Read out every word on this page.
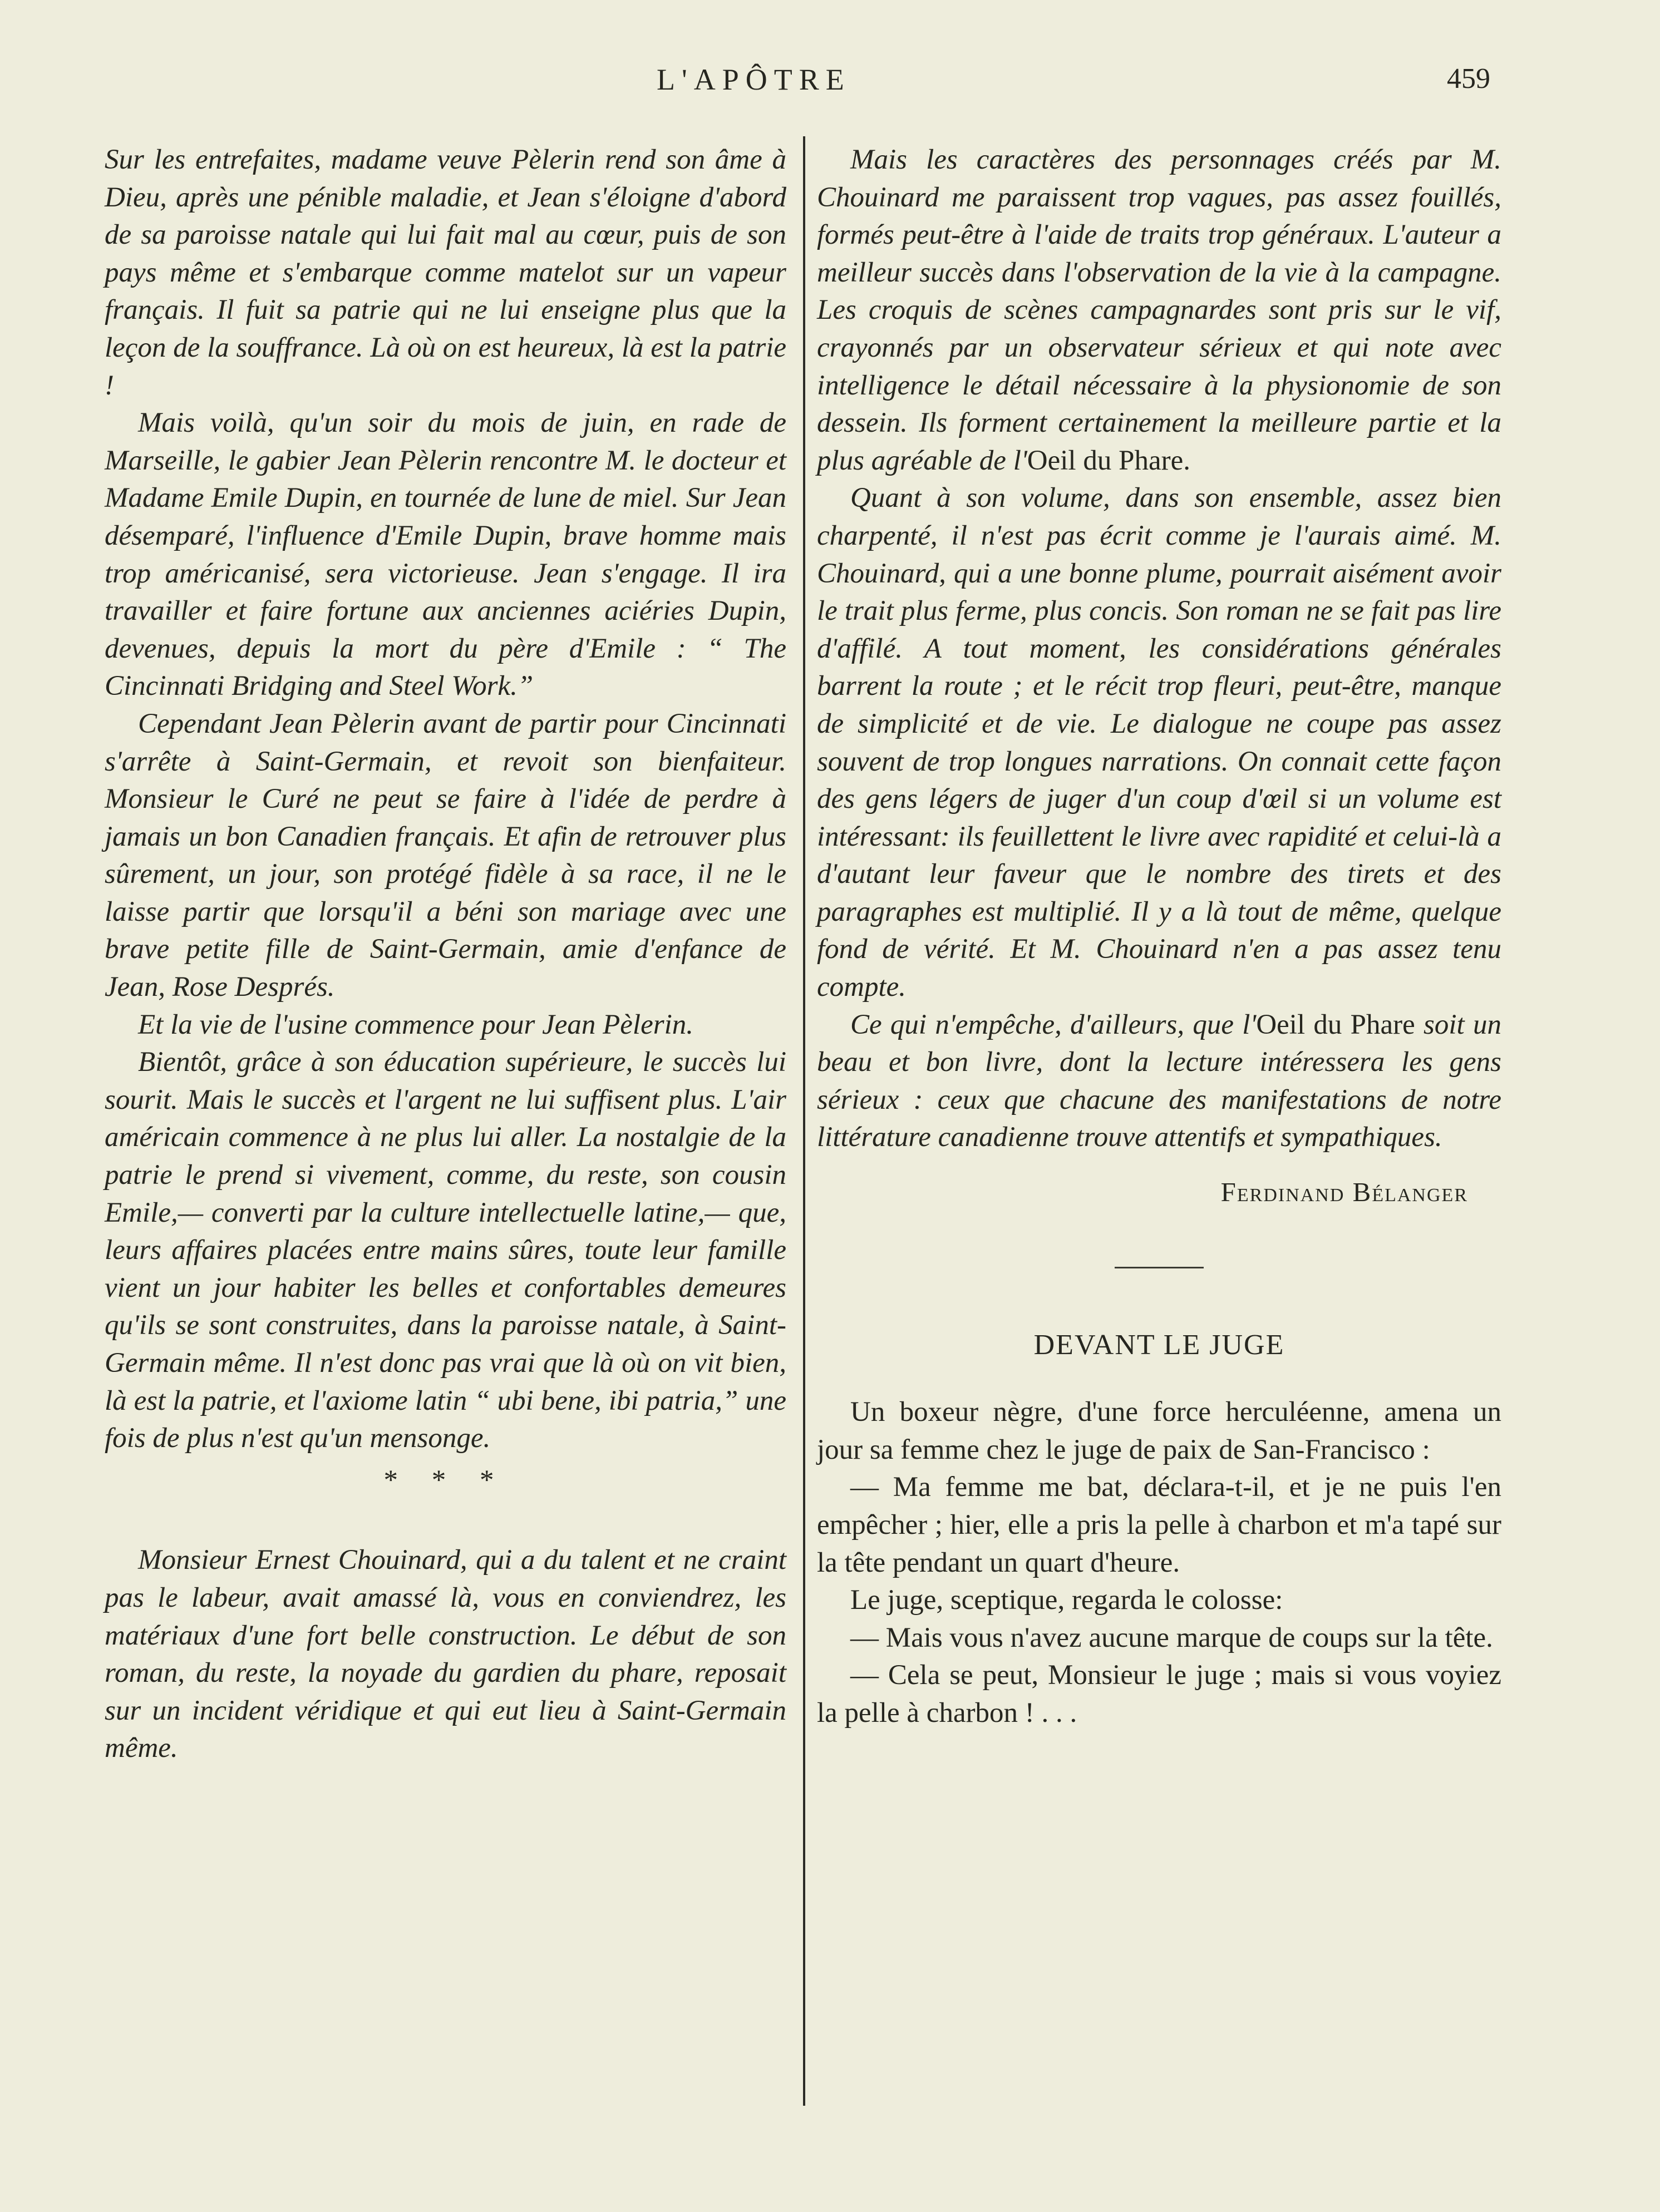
L'APÔTRE	459

Sur les entrefaites, madame veuve Pèlerin rend son âme à Dieu, après une pénible maladie, et Jean s'éloigne d'abord de sa paroisse natale qui lui fait mal au cœur, puis de son pays même et s'embarque comme matelot sur un vapeur français. Il fuit sa patrie qui ne lui enseigne plus que la leçon de la souffrance. Là où on est heureux, là est la patrie !

Mais voilà, qu'un soir du mois de juin, en rade de Marseille, le gabier Jean Pèlerin rencontre M. le docteur et Madame Emile Dupin, en tournée de lune de miel. Sur Jean désemparé, l'influence d'Emile Dupin, brave homme mais trop américanisé, sera victorieuse. Jean s'engage. Il ira travailler et faire fortune aux anciennes aciéries Dupin, devenues, depuis la mort du père d'Emile : “ The Cincinnati Bridging and Steel Work.”

Cependant Jean Pèlerin avant de partir pour Cincinnati s'arrête à Saint-Germain, et revoit son bienfaiteur. Monsieur le Curé ne peut se faire à l'idée de perdre à jamais un bon Canadien français. Et afin de retrouver plus sûrement, un jour, son protégé fidèle à sa race, il ne le laisse partir que lorsqu'il a béni son mariage avec une brave petite fille de Saint-Germain, amie d'enfance de Jean, Rose Després.

Et la vie de l'usine commence pour Jean Pèlerin.

Bientôt, grâce à son éducation supérieure, le succès lui sourit. Mais le succès et l'argent ne lui suffisent plus. L'air américain commence à ne plus lui aller. La nostalgie de la patrie le prend si vivement, comme, du reste, son cousin Emile,— converti par la culture intellectuelle latine,— que, leurs affaires placées entre mains sûres, toute leur famille vient un jour habiter les belles et confortables demeures qu'ils se sont construites, dans la paroisse natale, à Saint-Germain même. Il n'est donc pas vrai que là où on vit bien, là est la patrie, et l'axiome latin “ ubi bene, ibi patria,” une fois de plus n'est qu'un mensonge.

* * *

Monsieur Ernest Chouinard, qui a du talent et ne craint pas le labeur, avait amassé là, vous en conviendrez, les matériaux d'une fort belle construction. Le début de son roman, du reste, la noyade du gardien du phare, reposait sur un incident véridique et qui eut lieu à Saint-Germain même.

Mais les caractères des personnages créés par M. Chouinard me paraissent trop vagues, pas assez fouillés, formés peut-être à l'aide de traits trop généraux. L'auteur a meilleur succès dans l'observation de la vie à la campagne. Les croquis de scènes campagnardes sont pris sur le vif, crayonnés par un observateur sérieux et qui note avec intelligence le détail nécessaire à la physionomie de son dessein. Ils forment certainement la meilleure partie et la plus agréable de l'Oeil du Phare.

Quant à son volume, dans son ensemble, assez bien charpenté, il n'est pas écrit comme je l'aurais aimé. M. Chouinard, qui a une bonne plume, pourrait aisément avoir le trait plus ferme, plus concis. Son roman ne se fait pas lire d'affilé. A tout moment, les considérations générales barrent la route ; et le récit trop fleuri, peut-être, manque de simplicité et de vie. Le dialogue ne coupe pas assez souvent de trop longues narrations. On connait cette façon des gens légers de juger d'un coup d'œil si un volume est intéressant: ils feuillettent le livre avec rapidité et celui-là a d'autant leur faveur que le nombre des tirets et des paragraphes est multiplié. Il y a là tout de même, quelque fond de vérité. Et M. Chouinard n'en a pas assez tenu compte.

Ce qui n'empêche, d'ailleurs, que l'Oeil du Phare soit un beau et bon livre, dont la lecture intéressera les gens sérieux : ceux que chacune des manifestations de notre littérature canadienne trouve attentifs et sympathiques.

Ferdinand Bélanger

DEVANT LE JUGE

Un boxeur nègre, d'une force herculéenne, amena un jour sa femme chez le juge de paix de San-Francisco :

— Ma femme me bat, déclara-t-il, et je ne puis l'en empêcher ; hier, elle a pris la pelle à charbon et m'a tapé sur la tête pendant un quart d'heure.

Le juge, sceptique, regarda le colosse:

— Mais vous n'avez aucune marque de coups sur la tête.

— Cela se peut, Monsieur le juge ; mais si vous voyiez la pelle à charbon ! . . .
